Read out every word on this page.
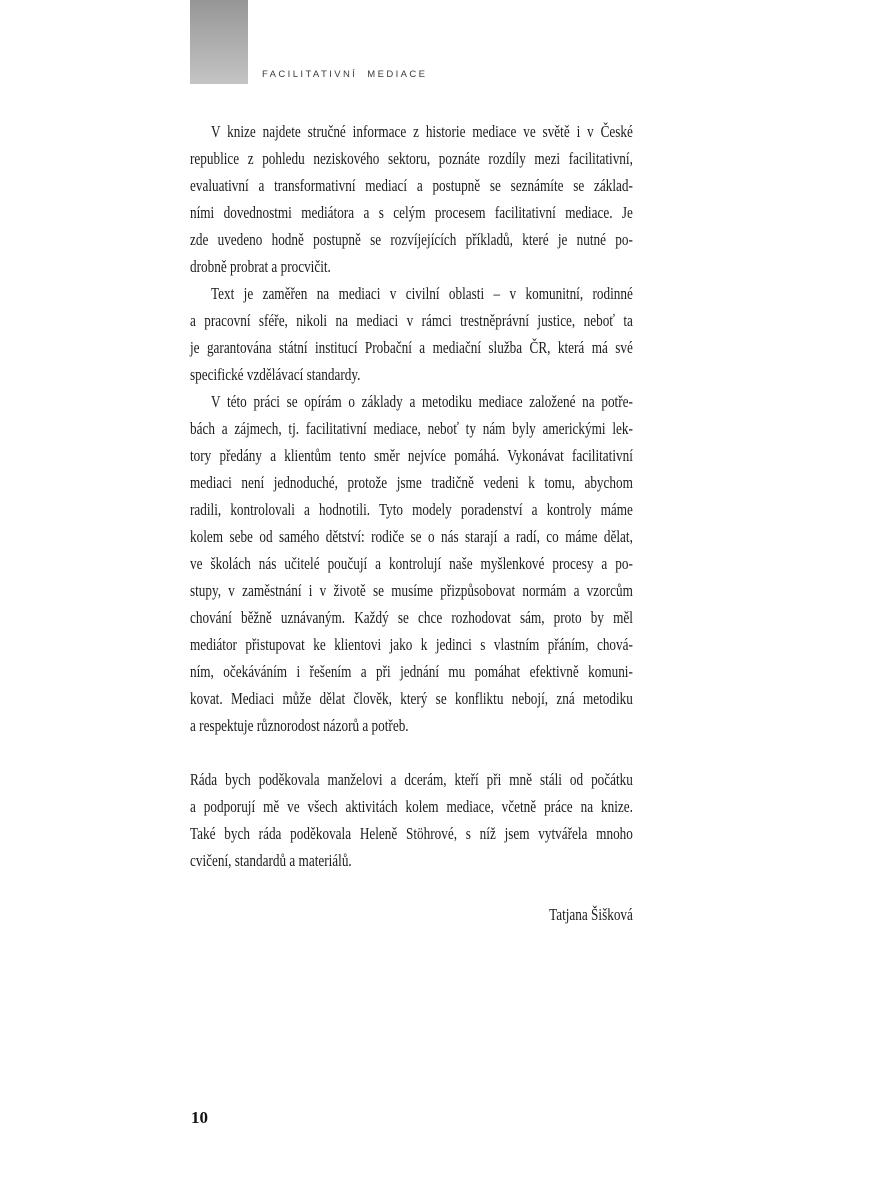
FACILITATIVNÍ MEDIACE
V knize najdete stručné informace z historie mediace ve světě i v České
republice z pohledu neziskového sektoru, poznáte rozdíly mezi facilitativní,
evaluativní a transformativní mediací a postupně se seznámíte se základ-
ními dovednostmi mediátora a s celým procesem facilitativní mediace. Je
zde uvedeno hodně postupně se rozvíjejících příkladů, které je nutné po-
drobně probrat a procvičit.
Text je zaměřen na mediaci v civilní oblasti – v komunitní, rodinné
a pracovní sféře, nikoli na mediaci v rámci trestněprávní justice, neboť ta
je garantována státní institucí Probační a mediační služba ČR, která má své
specifické vzdělávací standardy.
V této práci se opírám o základy a metodiku mediace založené na potře-
bách a zájmech, tj. facilitativní mediace, neboť ty nám byly americkými lek-
tory předány a klientům tento směr nejvíce pomáhá. Vykonávat facilitativní
mediaci není jednoduché, protože jsme tradičně vedeni k tomu, abychom
radili, kontrolovali a hodnotili. Tyto modely poradenství a kontroly máme
kolem sebe od samého dětství: rodiče se o nás starají a radí, co máme dělat,
ve školách nás učitelé poučují a kontrolují naše myšlenkové procesy a po-
stupy, v zaměstnání i v životě se musíme přizpůsobovat normám a vzorcům
chování běžně uznávaným. Každý se chce rozhodovat sám, proto by měl
mediátor přistupovat ke klientovi jako k jedinci s vlastním přáním, chová-
ním, očekáváním i řešením a při jednání mu pomáhat efektivně komuni-
kovat. Mediaci může dělat člověk, který se konfliktu nebojí, zná metodiku
a respektuje různorodost názorů a potřeb.
Ráda bych poděkovala manželovi a dcerám, kteří při mně stáli od počátku
a podporují mě ve všech aktivitách kolem mediace, včetně práce na knize.
Také bych ráda poděkovala Heleně Stöhrové, s níž jsem vytvářela mnoho
cvičení, standardů a materiálů.
Tatjana Šišková
10
